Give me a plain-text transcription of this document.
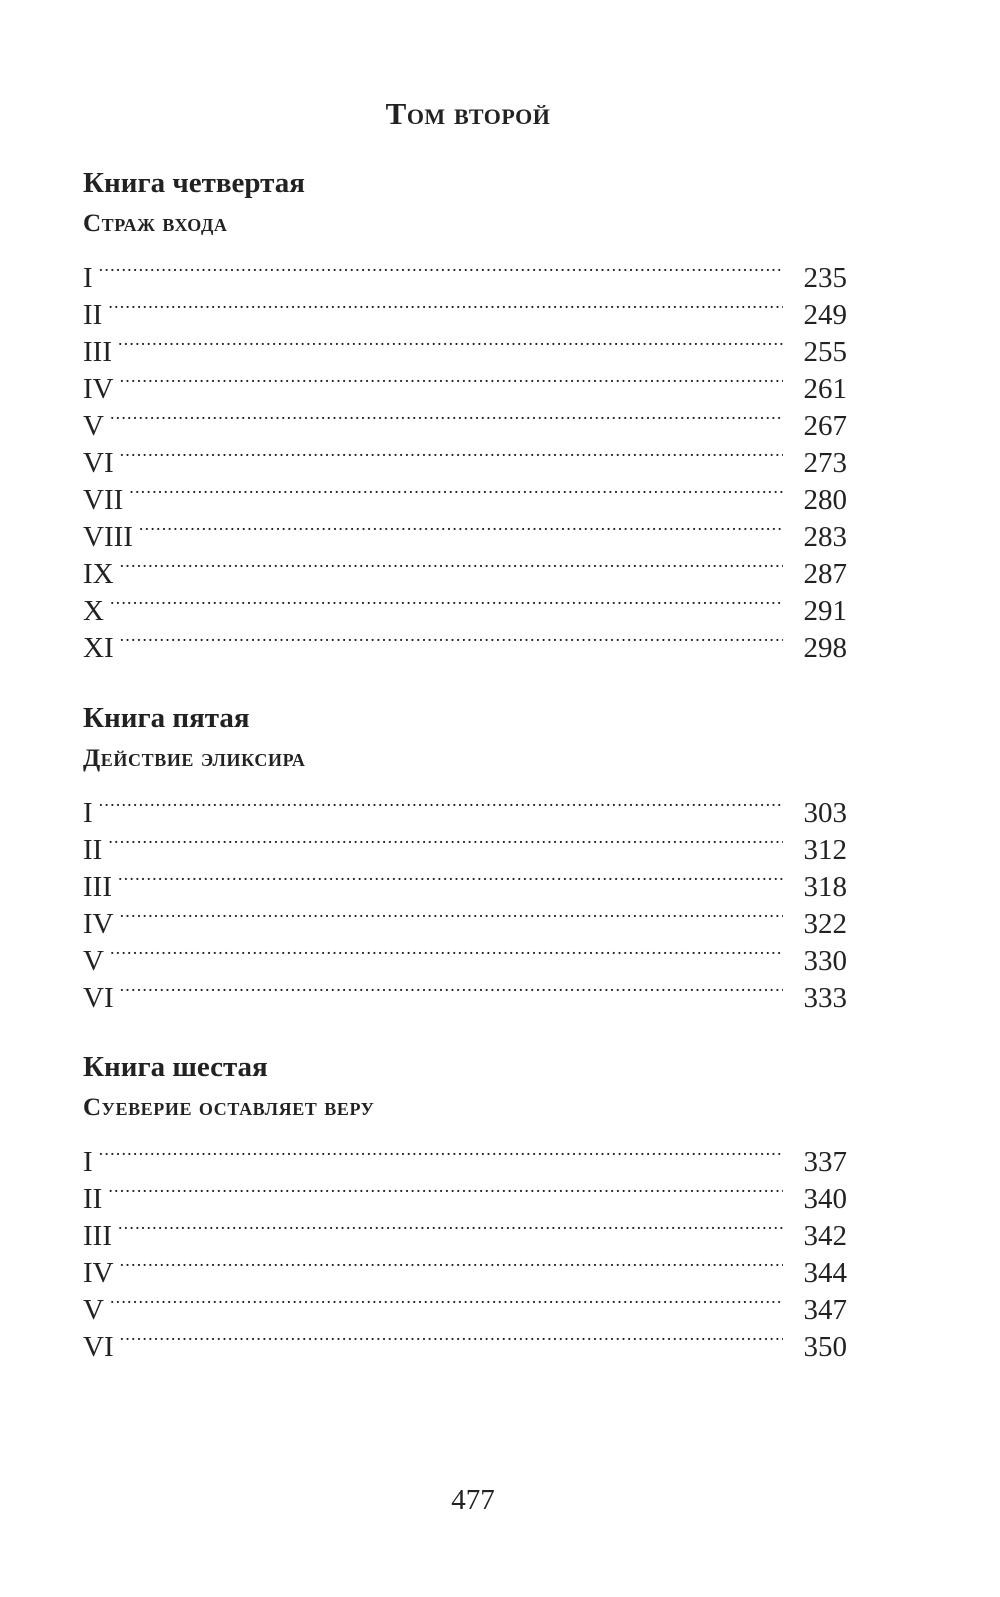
Том второй
Книга четвертая
Страж входа
I .....	235
II .....	249
III .....	255
IV .....	261
V .....	267
VI .....	273
VII .....	280
VIII .....	283
IX .....	287
X .....	291
XI .....	298
Книга пятая
Действие эликсира
I .....	303
II .....	312
III .....	318
IV .....	322
V .....	330
VI .....	333
Книга шестая
Суеверие оставляет веру
I .....	337
II .....	340
III .....	342
IV .....	344
V .....	347
VI .....	350
477
